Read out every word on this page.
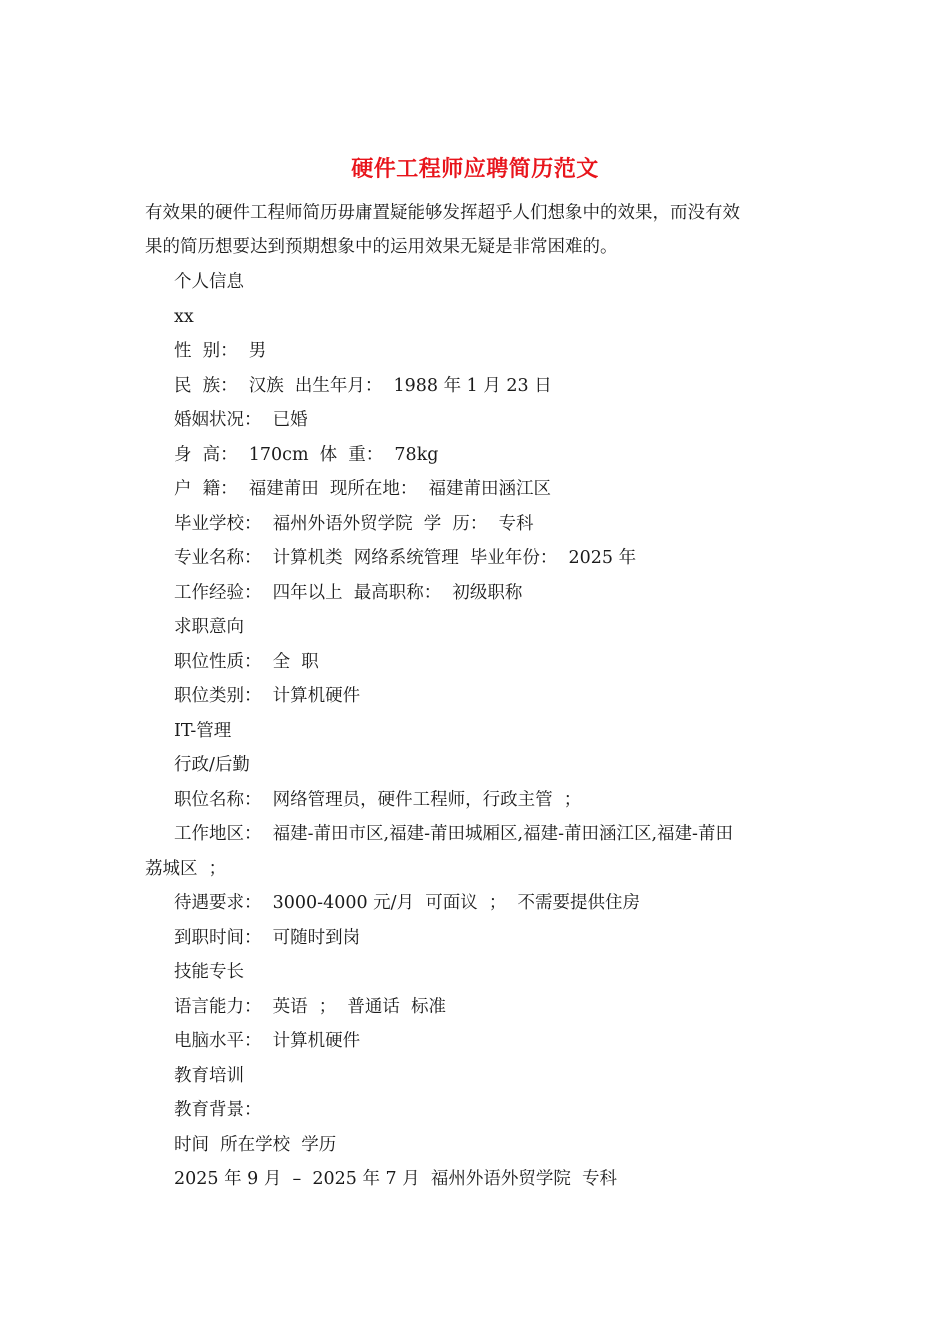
硬件工程师应聘简历范文
有效果的硬件工程师简历毋庸置疑能够发挥超乎人们想象中的效果，而没有效
果的简历想要达到预期想象中的运用效果无疑是非常困难的。
个人信息
xx
性  别：  男
民  族：  汉族  出生年月：  1988 年 1 月 23 日
婚姻状况：  已婚
身  高：  170cm  体  重：  78kg
户  籍：  福建莆田  现所在地：  福建莆田涵江区
毕业学校：  福州外语外贸学院  学  历：  专科
专业名称：  计算机类  网络系统管理  毕业年份：  2025 年
工作经验：  四年以上  最高职称：  初级职称
求职意向
职位性质：  全  职
职位类别：  计算机硬件
IT-管理
行政/后勤
职位名称：  网络管理员，硬件工程师，行政主管  ；
工作地区：  福建-莆田市区,福建-莆田城厢区,福建-莆田涵江区,福建-莆田
荔城区  ；
待遇要求：  3000-4000 元/月  可面议  ；  不需要提供住房
到职时间：  可随时到岗
技能专长
语言能力：  英语  ；  普通话  标准
电脑水平：  计算机硬件
教育培训
教育背景：
时间  所在学校  学历
2025 年 9 月  –  2025 年 7 月  福州外语外贸学院  专科
